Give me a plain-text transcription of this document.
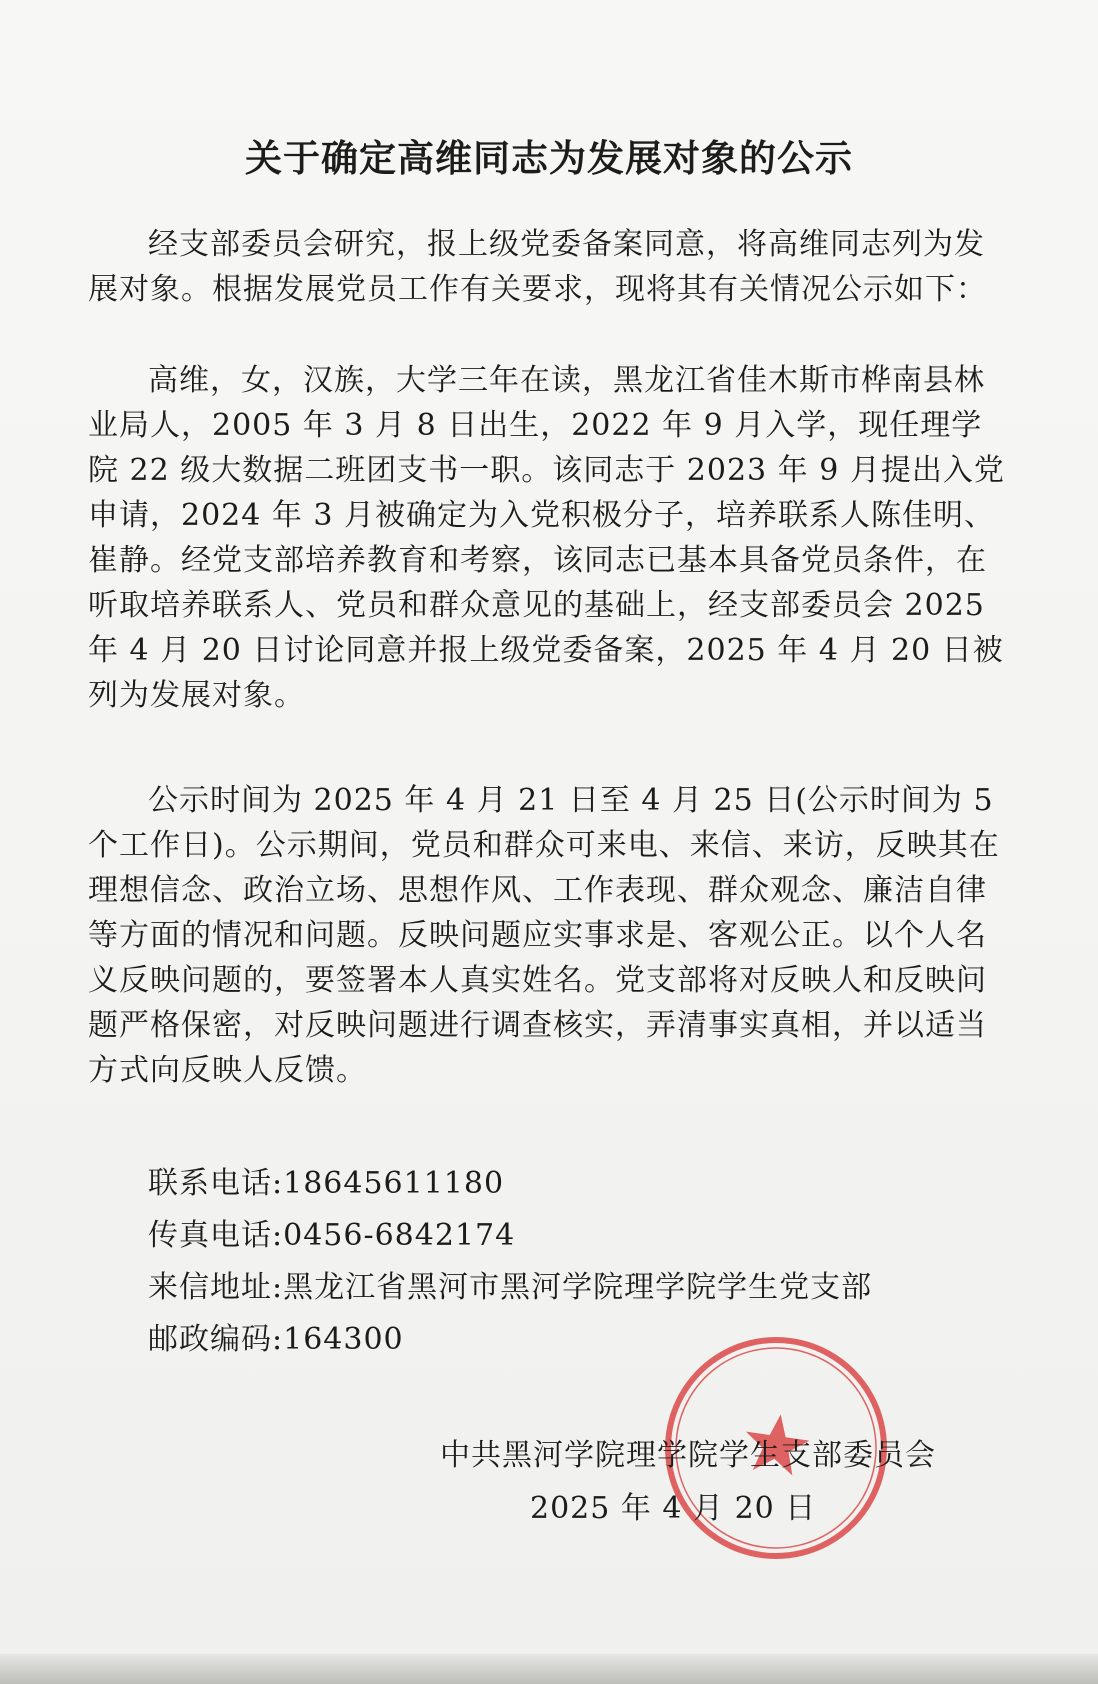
关于确定高维同志为发展对象的公示

经支部委员会研究，报上级党委备案同意，将高维同志列为发展对象。根据发展党员工作有关要求，现将其有关情况公示如下：

高维，女，汉族，大学三年在读，黑龙江省佳木斯市桦南县林业局人，2005 年 3 月 8 日出生，2022 年 9 月入学，现任理学院 22 级大数据二班团支书一职。该同志于 2023 年 9 月提出入党申请，2024 年 3 月被确定为入党积极分子，培养联系人陈佳明、崔静。经党支部培养教育和考察，该同志已基本具备党员条件，在听取培养联系人、党员和群众意见的基础上，经支部委员会 2025 年 4 月 20 日讨论同意并报上级党委备案，2025 年 4 月 20 日被列为发展对象。

公示时间为 2025 年 4 月 21 日至 4 月 25 日(公示时间为 5 个工作日)。公示期间，党员和群众可来电、来信、来访，反映其在理想信念、政治立场、思想作风、工作表现、群众观念、廉洁自律等方面的情况和问题。反映问题应实事求是、客观公正。以个人名义反映问题的，要签署本人真实姓名。党支部将对反映人和反映问题严格保密，对反映问题进行调查核实，弄清事实真相，并以适当方式向反映人反馈。

联系电话:18645611180
传真电话:0456-6842174
来信地址:黑龙江省黑河市黑河学院理学院学生党支部
邮政编码:164300
中共黑河学院理学院学生支部委员会
2025 年 4 月 20 日
